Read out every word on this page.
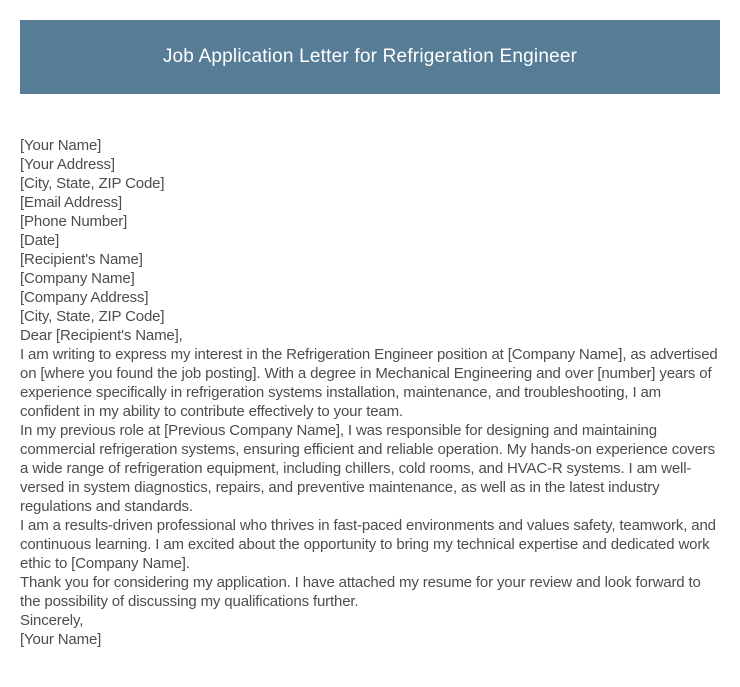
Job Application Letter for Refrigeration Engineer
[Your Name]
[Your Address]
[City, State, ZIP Code]
[Email Address]
[Phone Number]
[Date]
[Recipient's Name]
[Company Name]
[Company Address]
[City, State, ZIP Code]
Dear [Recipient's Name],

I am writing to express my interest in the Refrigeration Engineer position at [Company Name], as advertised on [where you found the job posting]. With a degree in Mechanical Engineering and over [number] years of experience specifically in refrigeration systems installation, maintenance, and troubleshooting, I am confident in my ability to contribute effectively to your team.

In my previous role at [Previous Company Name], I was responsible for designing and maintaining commercial refrigeration systems, ensuring efficient and reliable operation. My hands-on experience covers a wide range of refrigeration equipment, including chillers, cold rooms, and HVAC-R systems. I am well-versed in system diagnostics, repairs, and preventive maintenance, as well as in the latest industry regulations and standards.

I am a results-driven professional who thrives in fast-paced environments and values safety, teamwork, and continuous learning. I am excited about the opportunity to bring my technical expertise and dedicated work ethic to [Company Name].

Thank you for considering my application. I have attached my resume for your review and look forward to the possibility of discussing my qualifications further.

Sincerely,
[Your Name]
